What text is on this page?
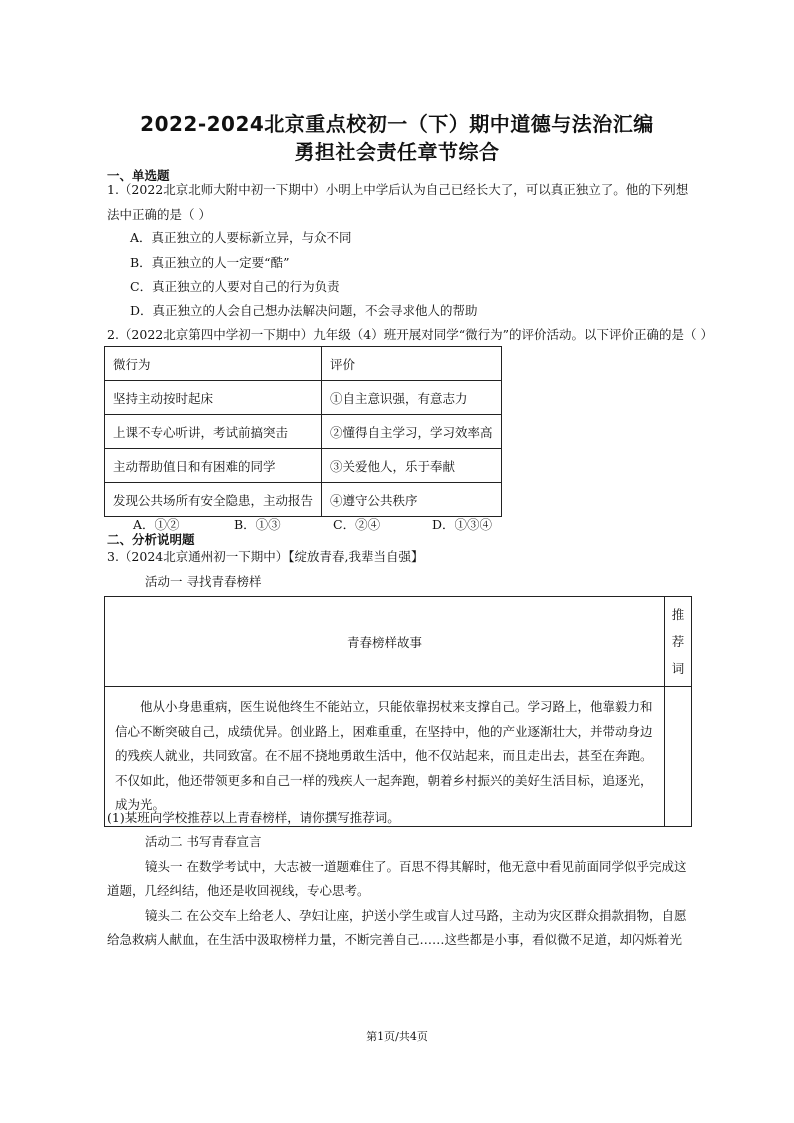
2022-2024北京重点校初一（下）期中道德与法治汇编
勇担社会责任章节综合
一、单选题
1.（2022北京北师大附中初一下期中）小明上中学后认为自己已经长大了，可以真正独立了。他的下列想
法中正确的是（ ）
A．真正独立的人要标新立异，与众不同
B．真正独立的人一定要“酷”
C．真正独立的人要对自己的行为负责
D．真正独立的人会自己想办法解决问题，不会寻求他人的帮助
2.（2022北京第四中学初一下期中）九年级（4）班开展对同学“微行为”的评价活动。以下评价正确的是（ ）
微行为	评价
坚持主动按时起床	①自主意识强，有意志力
上课不专心听讲，考试前搞突击	②懂得自主学习，学习效率高
主动帮助值日和有困难的同学	③关爱他人，乐于奉献
发现公共场所有安全隐患，主动报告	④遵守公共秩序
A．①②	B．①③	C．②④	D．①③④
二、分析说明题
3.（2024北京通州初一下期中）【绽放青春,我辈当自强】
活动一 寻找青春榜样
青春榜样故事	推荐词
他从小身患重病，医生说他终生不能站立，只能依靠拐杖来支撑自己。学习路上，他靠毅力和信心不断突破自己，成绩优异。创业路上，困难重重，在坚持中，他的产业逐渐壮大，并带动身边的残疾人就业，共同致富。在不屈不挠地勇敢生活中，他不仅站起来，而且走出去，甚至在奔跑。不仅如此，他还带领更多和自己一样的残疾人一起奔跑，朝着乡村振兴的美好生活目标，追逐光，成为光。	
(1)某班向学校推荐以上青春榜样，请你撰写推荐词。
活动二 书写青春宣言
镜头一 在数学考试中，大志被一道题难住了。百思不得其解时，他无意中看见前面同学似乎完成这
道题，几经纠结，他还是收回视线，专心思考。
镜头二 在公交车上给老人、孕妇让座，护送小学生或盲人过马路，主动为灾区群众捐款捐物，自愿
给急救病人献血，在生活中汲取榜样力量，不断完善自己……这些都是小事，看似微不足道，却闪烁着光
第1页/共4页
